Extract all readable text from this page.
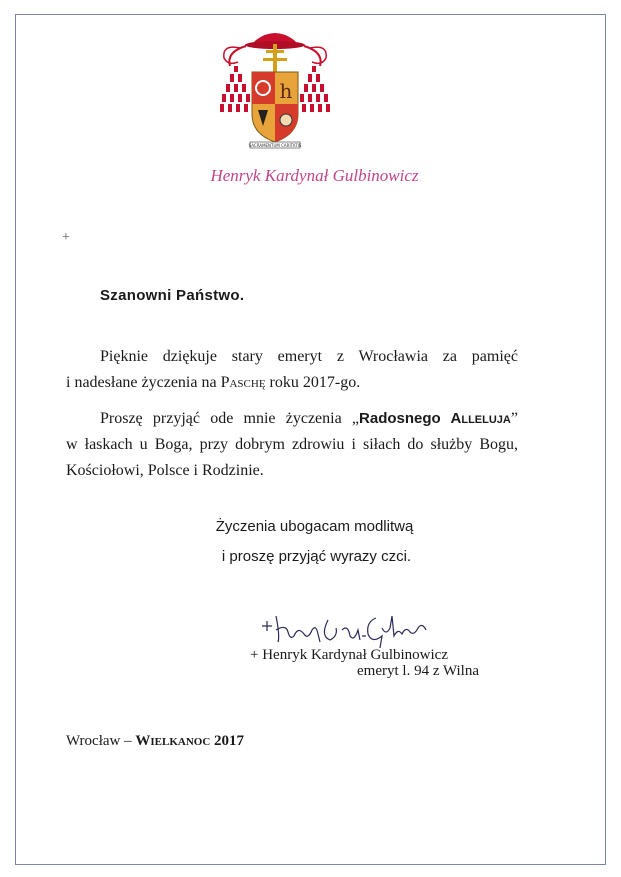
h
SACRAMENTUM CARITATIS
Henryk Kardynał Gulbinowicz
+
Szanowni Państwo.
Pięknie dziękuje stary emeryt z Wrocławia za pamięć
i nadesłane życzenia na Paschę roku 2017-go.
Proszę przyjąć ode mnie życzenia „Radosnego Alleluja”
w łaskach u Boga, przy dobrym zdrowiu i siłach do służby Bogu,
Kościołowi, Polsce i Rodzinie.
Życzenia ubogacam modlitwą
i proszę przyjąć wyrazy czci.
+ Henryk Kardynał Gulbinowicz
emeryt l. 94 z Wilna
Wrocław – Wielkanoc 2017
